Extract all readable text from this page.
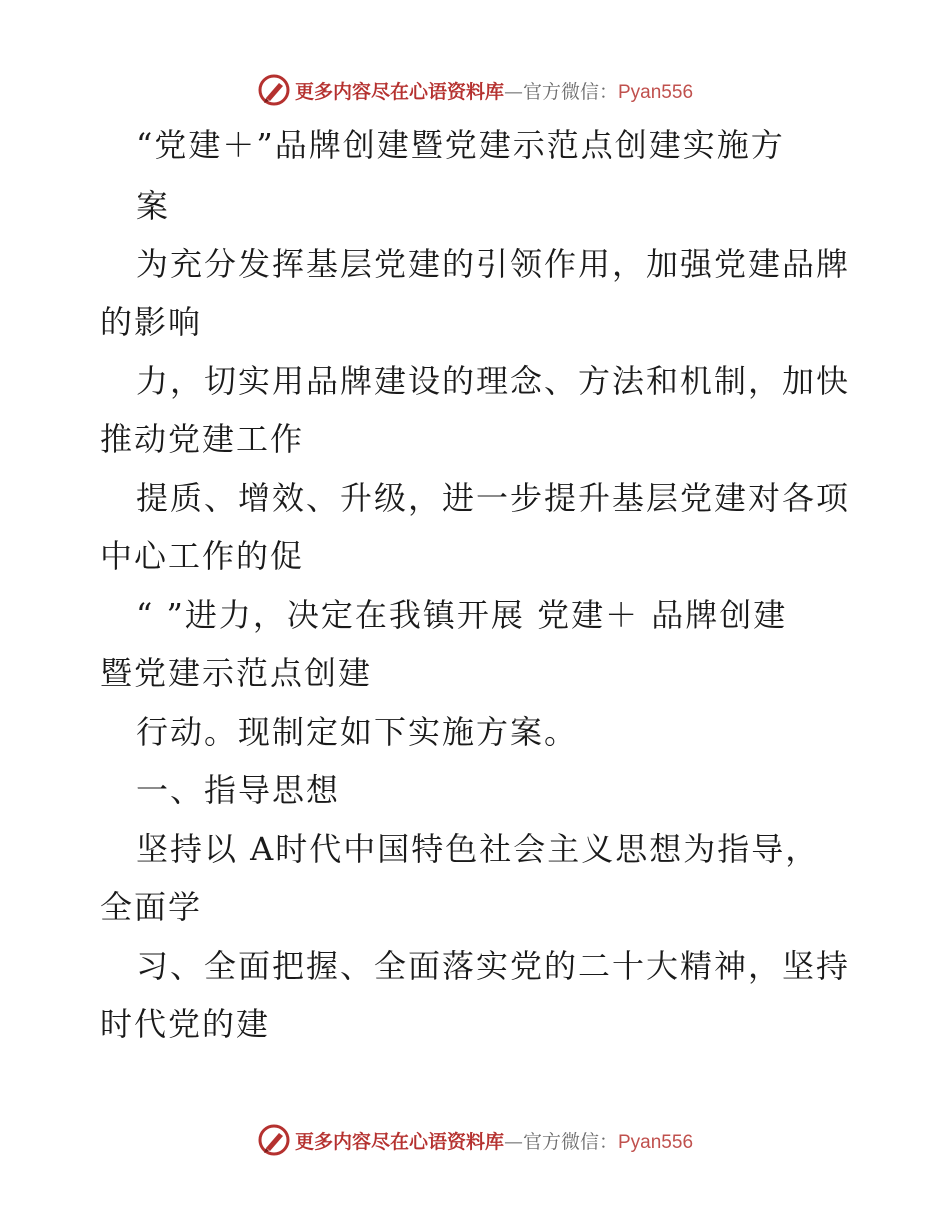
更多内容尽在心语资料库—官方微信：Pyan556
“党建＋”品牌创建暨党建示范点创建实施方
案
为充分发挥基层党建的引领作用，加强党建品牌
的影响
力，切实用品牌建设的理念、方法和机制，加快
推动党建工作
提质、增效、升级，进一步提升基层党建对各项
中心工作的促
“ ”进力，决定在我镇开展 党建＋ 品牌创建
暨党建示范点创建
行动。现制定如下实施方案。
一、指导思想
坚持以 A时代中国特色社会主义思想为指导，
全面学
习、全面把握、全面落实党的二十大精神，坚持
时代党的建
更多内容尽在心语资料库—官方微信：Pyan556
